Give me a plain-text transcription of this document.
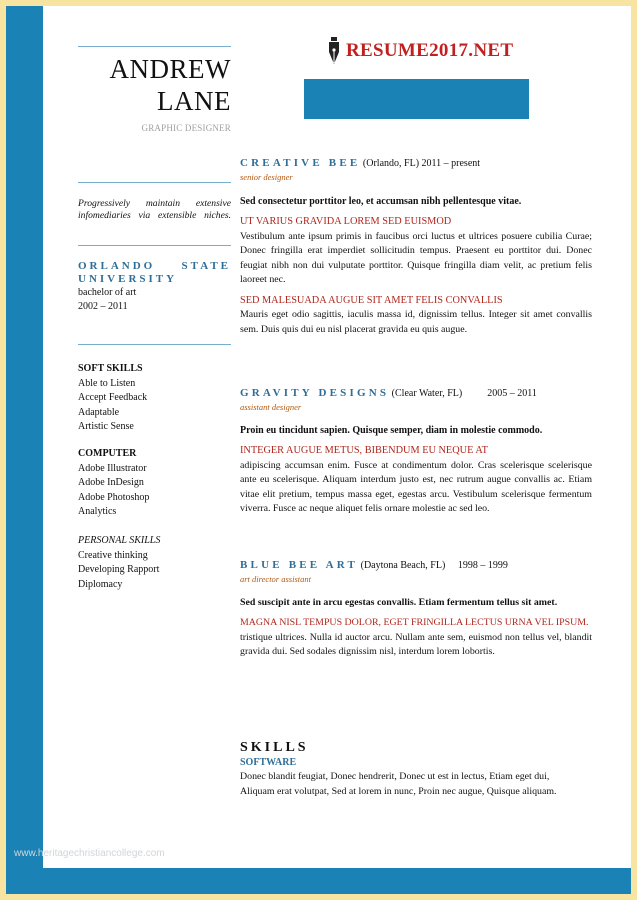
www.heritagechristiancollege.com
ANDREW
LANE
GRAPHIC DESIGNER
Progressively maintain extensive infomediaries via extensible niches.
ORLANDO STATE UNIVERSITY
bachelor of art
2002 – 2011
SOFT SKILLS
Able to Listen
Accept Feedback
Adaptable
Artistic Sense
COMPUTER
Adobe Illustrator
Adobe InDesign
Adobe Photoshop
Analytics
PERSONAL SKILLS
Creative thinking
Developing Rapport
Diplomacy
RESUME2017.NET
CREATIVE BEE (Orlando, FL) 2011 – present
senior designer
Sed consectetur porttitor leo, et accumsan nibh pellentesque vitae.
UT VARIUS GRAVIDA LOREM SED EUISMOD
Vestibulum ante ipsum primis in faucibus orci luctus et ultrices posuere cubilia Curae; Donec fringilla erat imperdiet sollicitudin tempus. Praesent eu porttitor dui. Donec feugiat nibh non dui vulputate porttitor. Quisque fringilla diam velit, ac pretium felis laoreet nec.
SED MALESUADA AUGUE SIT AMET FELIS CONVALLIS
Mauris eget odio sagittis, iaculis massa id, dignissim tellus. Integer sit amet convallis sem. Duis quis dui eu nisl placerat gravida eu quis augue.
GRAVITY DESIGNS (Clear Water, FL)	2005 – 2011
assistant designer
Proin eu tincidunt sapien. Quisque semper, diam in molestie commodo.
INTEGER AUGUE METUS, BIBENDUM EU NEQUE AT
adipiscing accumsan enim. Fusce at condimentum dolor. Cras scelerisque scelerisque ante eu scelerisque. Aliquam interdum justo est, nec rutrum augue convallis ac. Etiam vitae elit pretium, tempus massa eget, egestas arcu. Vestibulum scelerisque fermentum viverra. Fusce ac neque aliquet felis ornare molestie ac sed leo.
BLUE BEE ART (Daytona Beach, FL) 1998 – 1999
art director assistant
Sed suscipit ante in arcu egestas convallis. Etiam fermentum tellus sit amet.
MAGNA NISL TEMPUS DOLOR, EGET FRINGILLA LECTUS URNA VEL IPSUM.
tristique ultrices. Nulla id auctor arcu. Nullam ante sem, euismod non tellus vel, blandit gravida dui. Sed sodales dignissim nisl, interdum lorem lobortis.
SKILLS
SOFTWARE
Donec blandit feugiat, Donec hendrerit, Donec ut est in lectus, Etiam eget dui,
Aliquam erat volutpat, Sed at lorem in nunc, Proin nec augue, Quisque aliquam.
